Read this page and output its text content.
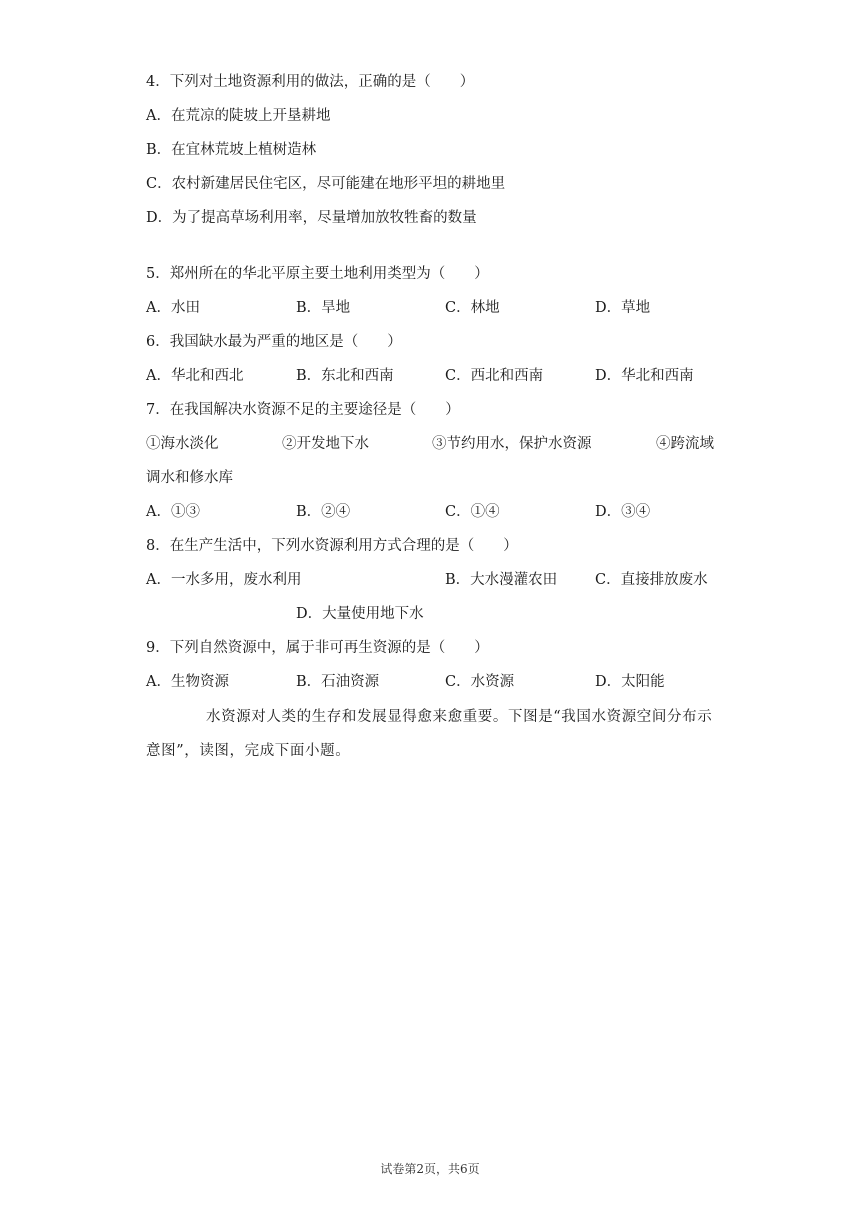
4．下列对土地资源利用的做法，正确的是（　　）
A．在荒凉的陡坡上开垦耕地
B．在宜林荒坡上植树造林
C．农村新建居民住宅区，尽可能建在地形平坦的耕地里
D．为了提高草场利用率，尽量增加放牧牲畜的数量
5．郑州所在的华北平原主要土地利用类型为（　　）
A．水田	B．旱地	C．林地	D．草地
6．我国缺水最为严重的地区是（　　）
A．华北和西北	B．东北和西南	C．西北和西南	D．华北和西南
7．在我国解决水资源不足的主要途径是（　　）
①海水淡化	②开发地下水	③节约用水，保护水资源	④跨流域
调水和修水库
A．①③	B．②④	C．①④	D．③④
8．在生产生活中，下列水资源利用方式合理的是（　　）
A．一水多用，废水利用	B．大水漫灌农田	C．直接排放废水
D．大量使用地下水
9．下列自然资源中，属于非可再生资源的是（　　）
A．生物资源	B．石油资源	C．水资源	D．太阳能
水资源对人类的生存和发展显得愈来愈重要。下图是“我国水资源空间分布示
意图”，读图，完成下面小题。
试卷第2页，共6页
